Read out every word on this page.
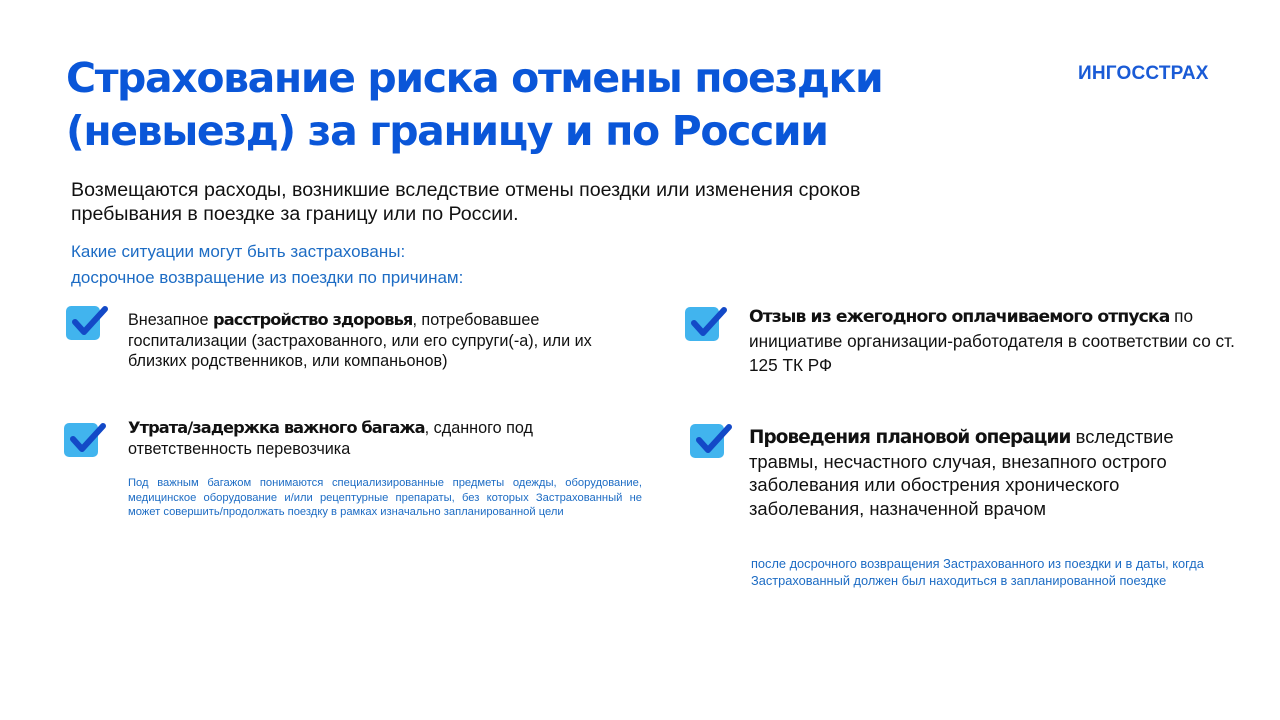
Страхование риска отмены поездки
(невыезд) за границу и по России
ИНГОССТРАХ
Возмещаются расходы, возникшие вследствие отмены поездки или изменения сроков
пребывания в поездке за границу или по России.
Какие ситуации могут быть застрахованы:
досрочное возвращение из поездки по причинам:
Внезапное расстройство здоровья, потребовавшее госпитализации (застрахованного, или его супруги(-а), или их близких родственников, или компаньонов)
Отзыв из ежегодного оплачиваемого отпуска по инициативе организации-работодателя в соответствии со ст. 125 ТК РФ
Утрата/задержка важного багажа, сданного под ответственность перевозчика
Под важным багажом понимаются специализированные предметы одежды, оборудование, медицинское оборудование и/или рецептурные препараты, без которых Застрахованный не может совершить/продолжать поездку в рамках изначально запланированной цели
Проведения плановой операции вследствие травмы, несчастного случая, внезапного острого заболевания или обострения хронического заболевания, назначенной врачом
после досрочного возвращения Застрахованного из поездки и в даты, когда Застрахованный должен был находиться в запланированной поездке
